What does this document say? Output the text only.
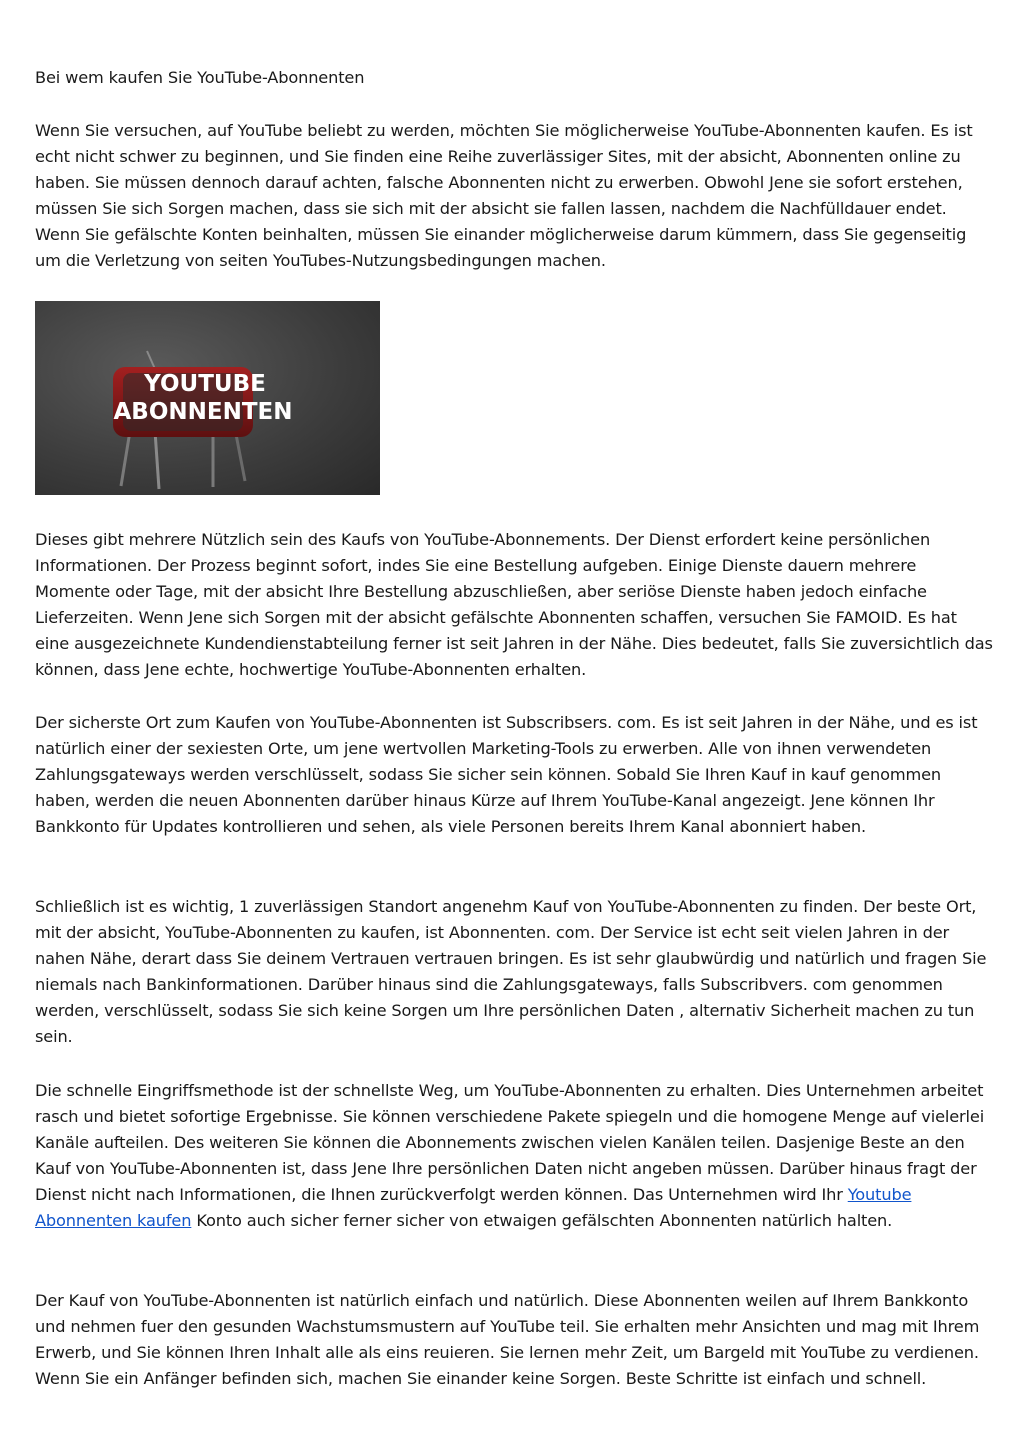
Bei wem kaufen Sie YouTube-Abonnenten

Wenn Sie versuchen, auf YouTube beliebt zu werden, möchten Sie möglicherweise YouTube-Abonnenten kaufen. Es ist echt nicht schwer zu beginnen, und Sie finden eine Reihe zuverlässiger Sites, mit der absicht, Abonnenten online zu haben. Sie müssen dennoch darauf achten, falsche Abonnenten nicht zu erwerben. Obwohl Jene sie sofort erstehen, müssen Sie sich Sorgen machen, dass sie sich mit der absicht sie fallen lassen, nachdem die Nachfülldauer endet. Wenn Sie gefälschte Konten beinhalten, müssen Sie einander möglicherweise darum kümmern, dass Sie gegenseitig um die Verletzung von seiten YouTubes-Nutzungsbedingungen machen.

YOUTUBE
ABONNENTEN

Dieses gibt mehrere Nützlich sein des Kaufs von YouTube-Abonnements. Der Dienst erfordert keine persönlichen Informationen. Der Prozess beginnt sofort, indes Sie eine Bestellung aufgeben. Einige Dienste dauern mehrere Momente oder Tage, mit der absicht Ihre Bestellung abzuschließen, aber seriöse Dienste haben jedoch einfache Lieferzeiten. Wenn Jene sich Sorgen mit der absicht gefälschte Abonnenten schaffen, versuchen Sie FAMOID. Es hat eine ausgezeichnete Kundendienstabteilung ferner ist seit Jahren in der Nähe. Dies bedeutet, falls Sie zuversichtlich das können, dass Jene echte, hochwertige YouTube-Abonnenten erhalten.

Der sicherste Ort zum Kaufen von YouTube-Abonnenten ist Subscribsers. com. Es ist seit Jahren in der Nähe, und es ist natürlich einer der sexiesten Orte, um jene wertvollen Marketing-Tools zu erwerben. Alle von ihnen verwendeten Zahlungsgateways werden verschlüsselt, sodass Sie sicher sein können. Sobald Sie Ihren Kauf in kauf genommen haben, werden die neuen Abonnenten darüber hinaus Kürze auf Ihrem YouTube-Kanal angezeigt. Jene können Ihr Bankkonto für Updates kontrollieren und sehen, als viele Personen bereits Ihrem Kanal abonniert haben.

Schließlich ist es wichtig, 1 zuverlässigen Standort angenehm Kauf von YouTube-Abonnenten zu finden. Der beste Ort, mit der absicht, YouTube-Abonnenten zu kaufen, ist Abonnenten. com. Der Service ist echt seit vielen Jahren in der nahen Nähe, derart dass Sie deinem Vertrauen vertrauen bringen. Es ist sehr glaubwürdig und natürlich und fragen Sie niemals nach Bankinformationen. Darüber hinaus sind die Zahlungsgateways, falls Subscribvers. com genommen werden, verschlüsselt, sodass Sie sich keine Sorgen um Ihre persönlichen Daten , alternativ Sicherheit machen zu tun sein.

Die schnelle Eingriffsmethode ist der schnellste Weg, um YouTube-Abonnenten zu erhalten. Dies Unternehmen arbeitet rasch und bietet sofortige Ergebnisse. Sie können verschiedene Pakete spiegeln und die homogene Menge auf vielerlei Kanäle aufteilen. Des weiteren Sie können die Abonnements zwischen vielen Kanälen teilen. Dasjenige Beste an den Kauf von YouTube-Abonnenten ist, dass Jene Ihre persönlichen Daten nicht angeben müssen. Darüber hinaus fragt der Dienst nicht nach Informationen, die Ihnen zurückverfolgt werden können. Das Unternehmen wird Ihr Youtube Abonnenten kaufen Konto auch sicher ferner sicher von etwaigen gefälschten Abonnenten natürlich halten.

Der Kauf von YouTube-Abonnenten ist natürlich einfach und natürlich. Diese Abonnenten weilen auf Ihrem Bankkonto und nehmen fuer den gesunden Wachstumsmustern auf YouTube teil. Sie erhalten mehr Ansichten und mag mit Ihrem Erwerb, und Sie können Ihren Inhalt alle als eins reuieren. Sie lernen mehr Zeit, um Bargeld mit YouTube zu verdienen. Wenn Sie ein Anfänger befinden sich, machen Sie einander keine Sorgen. Beste Schritte ist einfach und schnell.
